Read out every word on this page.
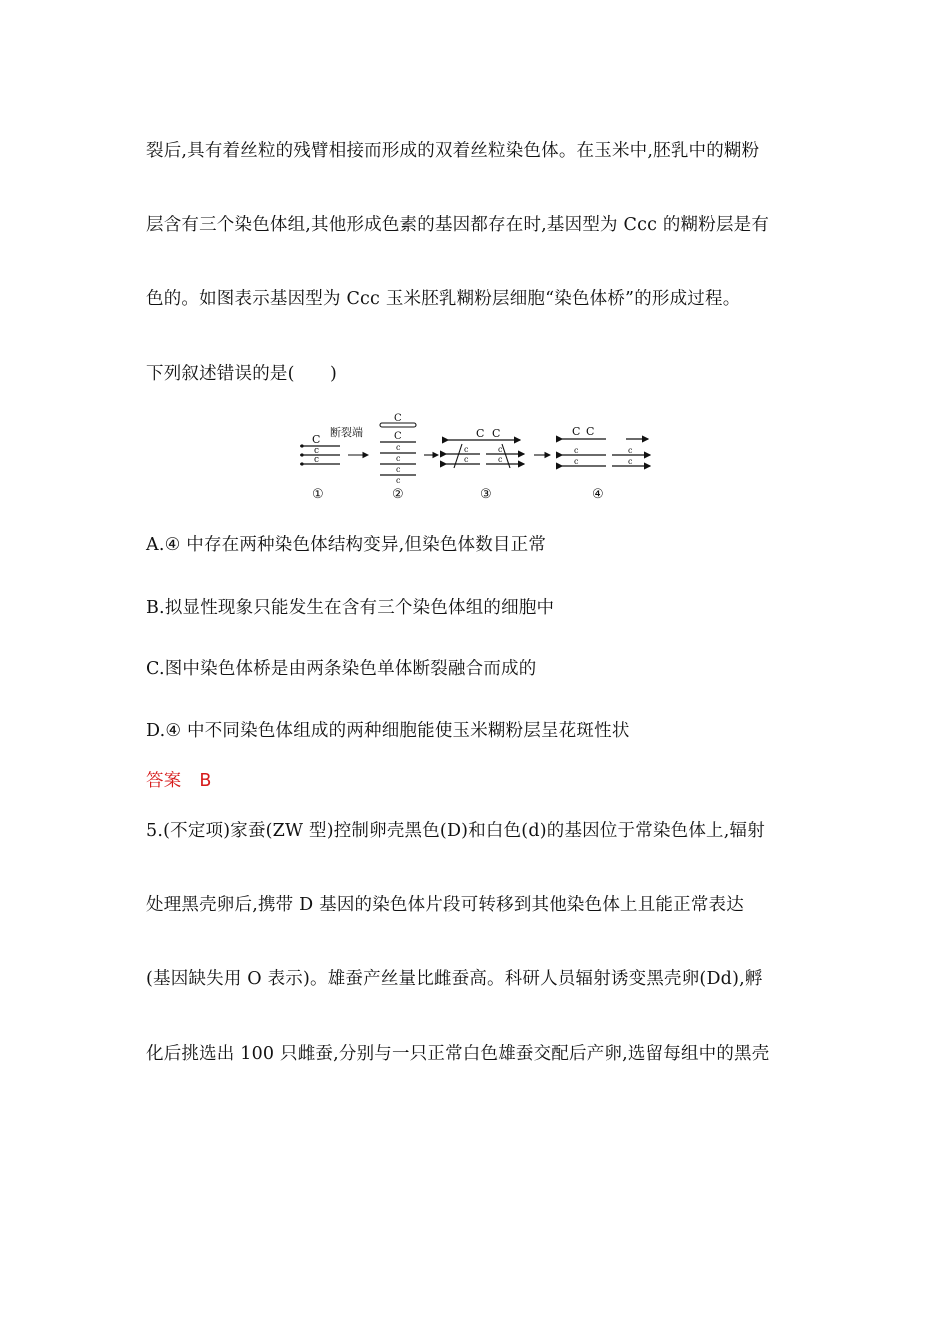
裂后,具有着丝粒的残臂相接而形成的双着丝粒染色体。在玉米中,胚乳中的糊粉
层含有三个染色体组,其他形成色素的基因都存在时,基因型为 Ccc 的糊粉层是有
色的。如图表示基因型为 Ccc 玉米胚乳糊粉层细胞“染色体桥”的形成过程。
下列叙述错误的是(　　)
C
c
c
①
断裂端
C
C
c
c
c
c
②
C C
c
c
c
c
③
C C
c
c
c
c
④
A.④ 中存在两种染色体结构变异,但染色体数目正常
B.拟显性现象只能发生在含有三个染色体组的细胞中
C.图中染色体桥是由两条染色单体断裂融合而成的
D.④ 中不同染色体组成的两种细胞能使玉米糊粉层呈花斑性状
答案 B
5.(不定项)家蚕(ZW 型)控制卵壳黑色(D)和白色(d)的基因位于常染色体上,辐射
处理黑壳卵后,携带 D 基因的染色体片段可转移到其他染色体上且能正常表达
(基因缺失用 O 表示)。雄蚕产丝量比雌蚕高。科研人员辐射诱变黑壳卵(Dd),孵
化后挑选出 100 只雌蚕,分别与一只正常白色雄蚕交配后产卵,选留每组中的黑壳
